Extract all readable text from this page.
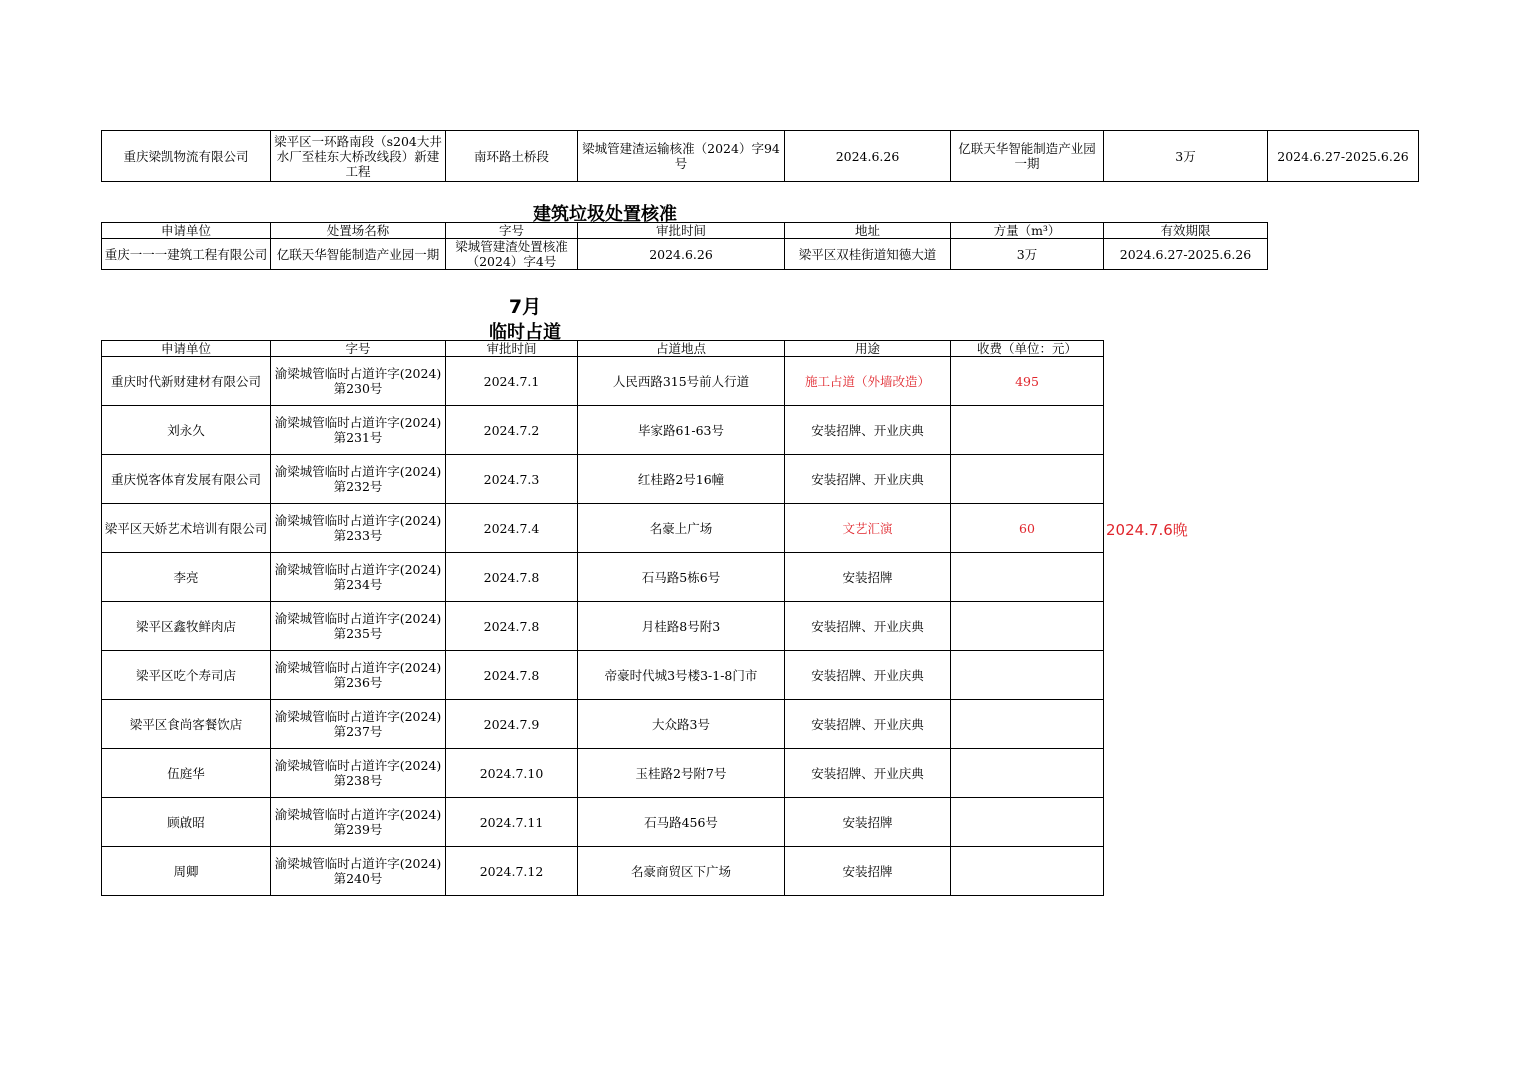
重庆梁凯物流有限公司	梁平区一环路南段（s204大井水厂至桂东大桥改线段）新建工程	南环路土桥段	梁城管建渣运输核准（2024）字94号	2024.6.26	亿联天华智能制造产业园一期	3万	2024.6.27-2025.6.26
建筑垃圾处置核准
申请单位	处置场名称	字号	审批时间	地址	方量（m³）	有效期限
重庆一一一建筑工程有限公司	亿联天华智能制造产业园一期	梁城管建渣处置核准（2024）字4号	2024.6.26	梁平区双桂街道知德大道	3万	2024.6.27-2025.6.26
7月
临时占道
申请单位	字号	审批时间	占道地点	用途	收费（单位：元）
重庆时代新财建材有限公司	渝梁城管临时占道许字(2024)第230号	2024.7.1	人民西路315号前人行道	施工占道（外墙改造）	495
刘永久	渝梁城管临时占道许字(2024)第231号	2024.7.2	毕家路61-63号	安装招牌、开业庆典	
重庆悦客体育发展有限公司	渝梁城管临时占道许字(2024)第232号	2024.7.3	红桂路2号16幢	安装招牌、开业庆典	
梁平区天娇艺术培训有限公司	渝梁城管临时占道许字(2024)第233号	2024.7.4	名豪上广场	文艺汇演	60
李亮	渝梁城管临时占道许字(2024)第234号	2024.7.8	石马路5栋6号	安装招牌	
梁平区鑫牧鲜肉店	渝梁城管临时占道许字(2024)第235号	2024.7.8	月桂路8号附3	安装招牌、开业庆典	
梁平区吃个寿司店	渝梁城管临时占道许字(2024)第236号	2024.7.8	帝豪时代城3号楼3-1-8门市	安装招牌、开业庆典	
梁平区食尚客餐饮店	渝梁城管临时占道许字(2024)第237号	2024.7.9	大众路3号	安装招牌、开业庆典	
伍庭华	渝梁城管临时占道许字(2024)第238号	2024.7.10	玉桂路2号附7号	安装招牌、开业庆典	
顾啟昭	渝梁城管临时占道许字(2024)第239号	2024.7.11	石马路456号	安装招牌	
周卿	渝梁城管临时占道许字(2024)第240号	2024.7.12	名豪商贸区下广场	安装招牌	
2024.7.6晚
